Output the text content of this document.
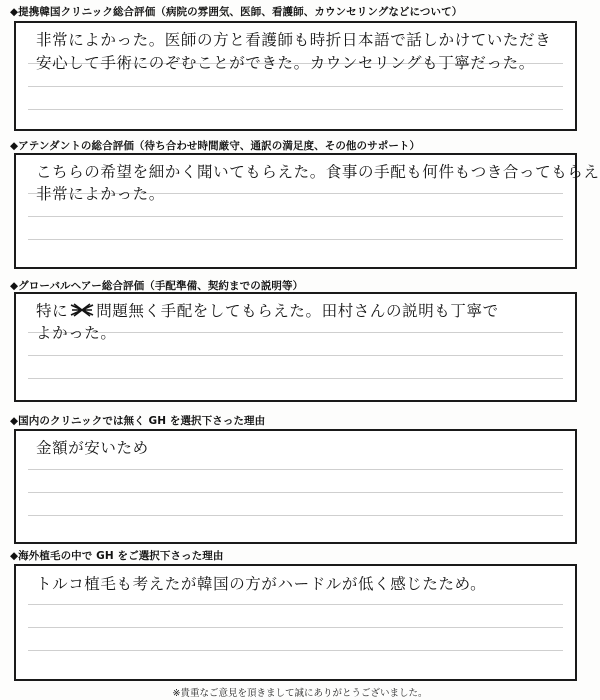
◆提携韓国クリニック総合評価（病院の雰囲気、医師、看護師、カウンセリングなどについて）
非常によかった。医師の方と看護師も時折日本語で話しかけていただき
安心して手術にのぞむことができた。カウンセリングも丁寧だった。
◆アテンダントの総合評価（待ち合わせ時間厳守、通訳の満足度、その他のサポート）
こちらの希望を細かく聞いてもらえた。食事の手配も何件もつき合ってもらえ
非常によかった。
◆グローバルヘアー総合評価（手配準備、契約までの説明等）
特に 問題無く手配をしてもらえた。田村さんの説明も丁寧で
よかった。
◆国内のクリニックでは無く GH を選択下さった理由
金額が安いため
◆海外植毛の中で GH をご選択下さった理由
トルコ植毛も考えたが韓国の方がハードルが低く感じたため。
※貴重なご意見を頂きまして誠にありがとうございました。
